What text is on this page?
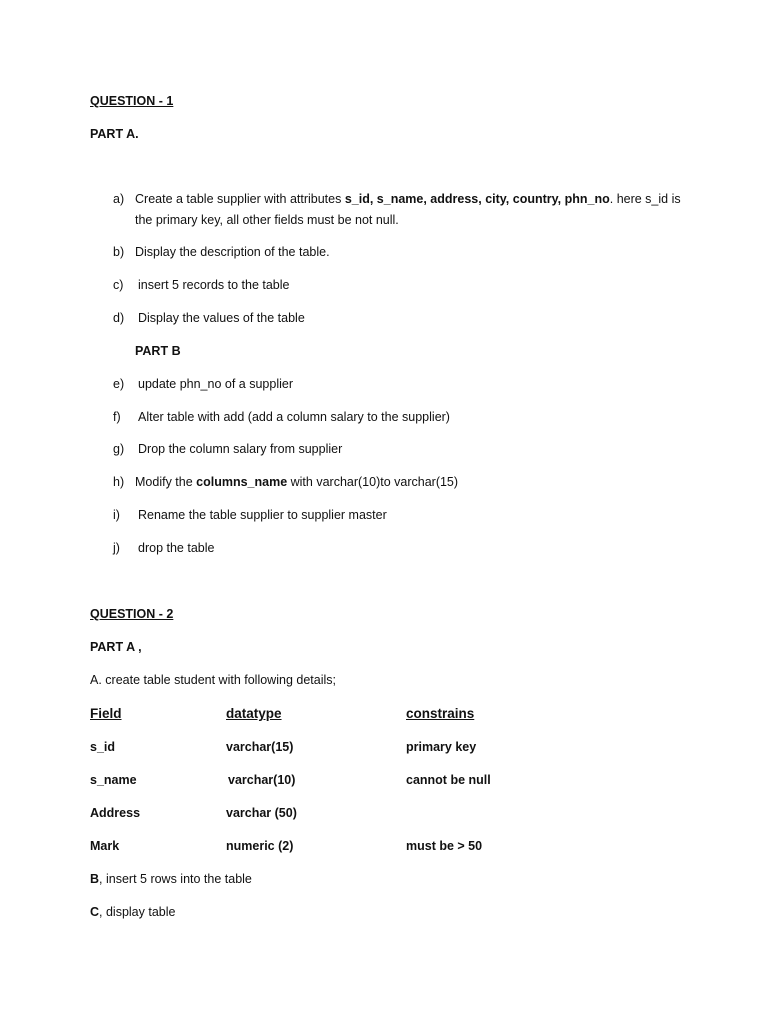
QUESTION - 1
PART A.
a) Create a table supplier with attributes s_id, s_name, address, city, country, phn_no. here s_id is
the primary key, all other fields must be not null.
b) Display the description of the table.
c) insert 5 records to the table
d) Display the values of the table
PART B
e) update phn_no of a supplier
f) Alter table with add (add a column salary to the supplier)
g) Drop the column salary from supplier
h) Modify the columns_name with varchar(10)to varchar(15)
i) Rename the table supplier to supplier master
j) drop the table
QUESTION - 2
PART A ,
A. create table student with following details;
Field	datatype	constrains
s_id	varchar(15)	primary key
s_name	varchar(10)	cannot be null
Address	varchar (50)
Mark	numeric (2)	must be > 50
B, insert 5 rows into the table
C, display table
